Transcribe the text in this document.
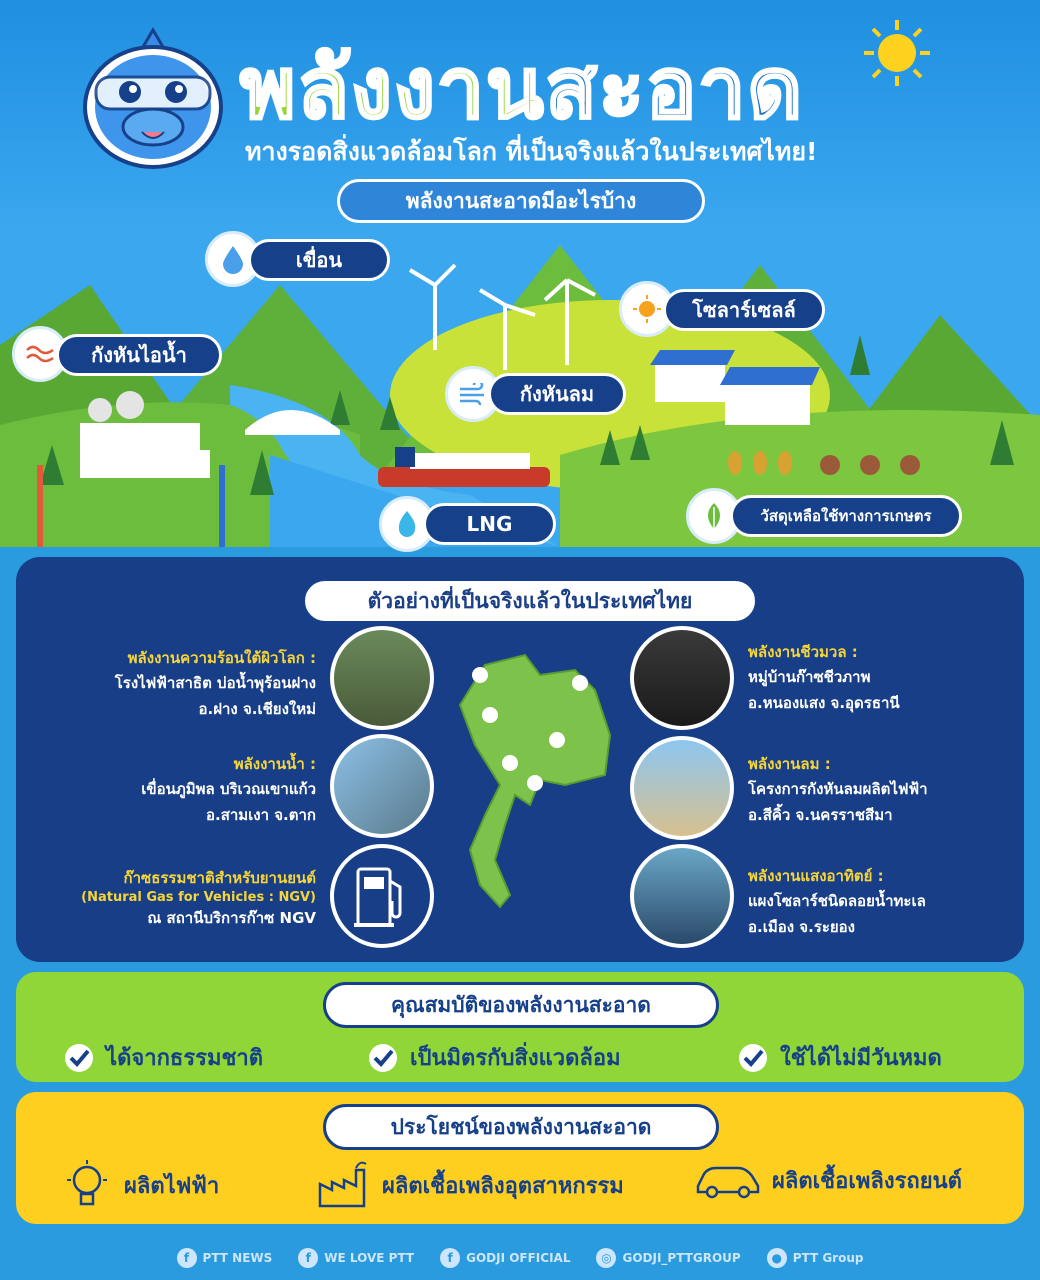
พลังงานสะอาด
ทางรอดสิ่งแวดล้อมโลก ที่เป็นจริงแล้วในประเทศไทย!
พลังงานสะอาดมีอะไรบ้าง
เขื่อน
กังหันไอน้ำ
โซลาร์เซลล์
กังหันลม
LNG	วัสดุเหลือใช้ทางการเกษตร
ตัวอย่างที่เป็นจริงแล้วในประเทศไทย
พลังงานความร้อนใต้ผิวโลก :
โรงไฟฟ้าสาธิต บ่อน้ำพุร้อนฝาง
อ.ฝาง จ.เชียงใหม่
พลังงานน้ำ :
เขื่อนภูมิพล บริเวณเขาแก้ว
อ.สามเงา จ.ตาก
ก๊าซธรรมชาติสำหรับยานยนต์
(Natural Gas for Vehicles : NGV)
ณ สถานีบริการก๊าซ NGV
พลังงานชีวมวล :
หมู่บ้านก๊าซชีวภาพ
อ.หนองแสง จ.อุดรธานี
พลังงานลม :
โครงการกังหันลมผลิตไฟฟ้า
อ.สีคิ้ว จ.นครราชสีมา
พลังงานแสงอาทิตย์ :
แผงโซลาร์ชนิดลอยน้ำทะเล
อ.เมือง จ.ระยอง
คุณสมบัติของพลังงานสะอาด
ได้จากธรรมชาติ	เป็นมิตรกับสิ่งแวดล้อม	ใช้ได้ไม่มีวันหมด
ประโยชน์ของพลังงานสะอาด
ผลิตไฟฟ้า	ผลิตเชื้อเพลิงอุตสาหกรรม	ผลิตเชื้อเพลิงรถยนต์
f	PTT NEWS	f	WE LOVE PTT	f	GODJI OFFICIAL	◎ GODJI_PTTGROUP	● PTT Group
